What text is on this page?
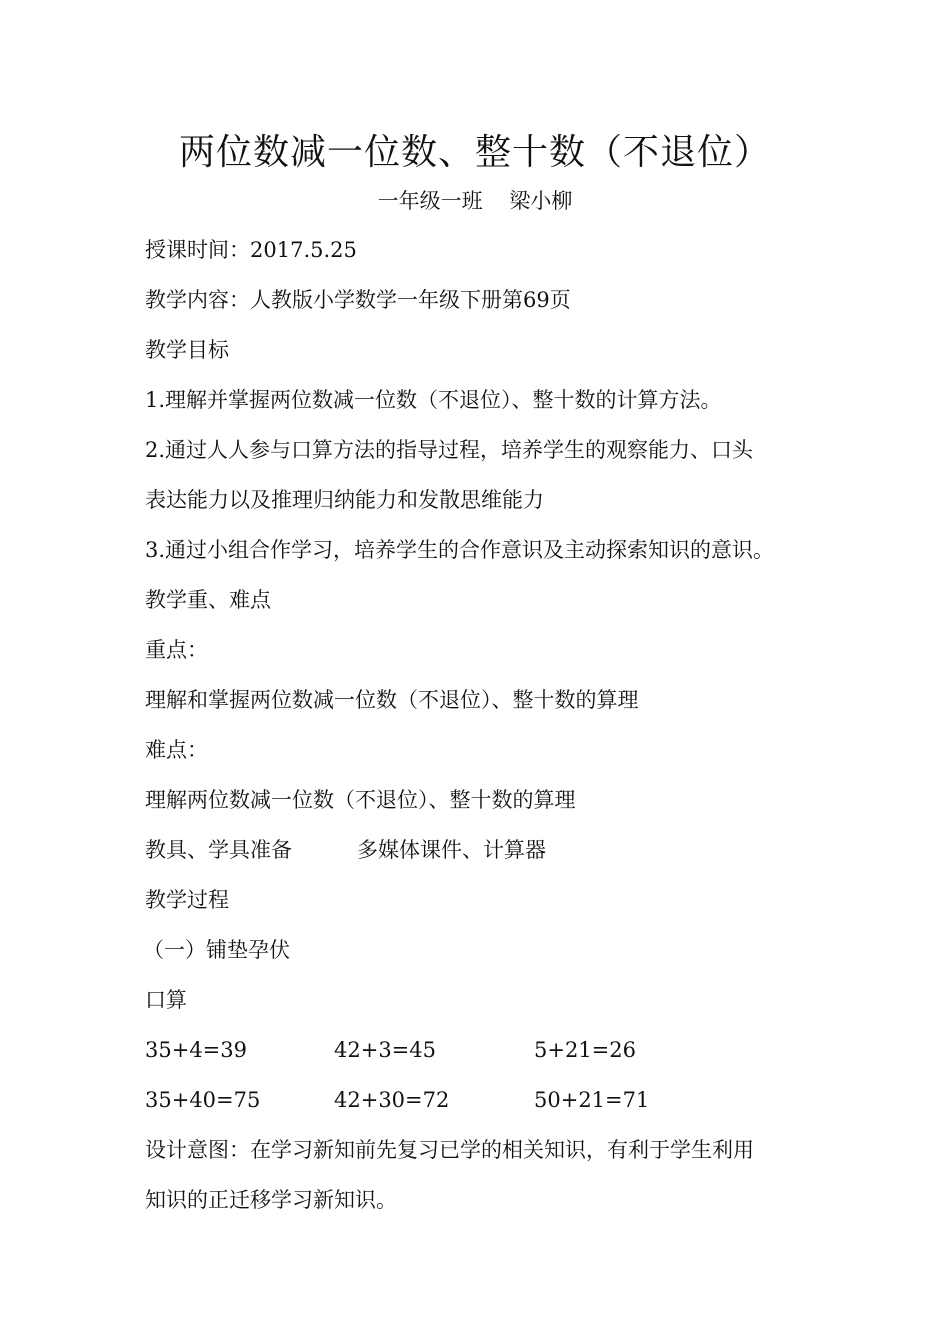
两位数减一位数、整十数（不退位）
一年级一班    梁小柳
授课时间：2017.5.25
教学内容：人教版小学数学一年级下册第69页
教学目标
1.理解并掌握两位数减一位数（不退位）、整十数的计算方法。
2.通过人人参与口算方法的指导过程，培养学生的观察能力、口头
表达能力以及推理归纳能力和发散思维能力
3.通过小组合作学习，培养学生的合作意识及主动探索知识的意识。
教学重、难点
重点：
理解和掌握两位数减一位数（不退位）、整十数的算理
难点：
理解两位数减一位数（不退位）、整十数的算理
教具、学具准备	多媒体课件、计算器
教学过程
（一）铺垫孕伏
口算
35+4=39	42+3=45	5+21=26
35+40=75	42+30=72	50+21=71
设计意图：在学习新知前先复习已学的相关知识，有利于学生利用
知识的正迁移学习新知识。
